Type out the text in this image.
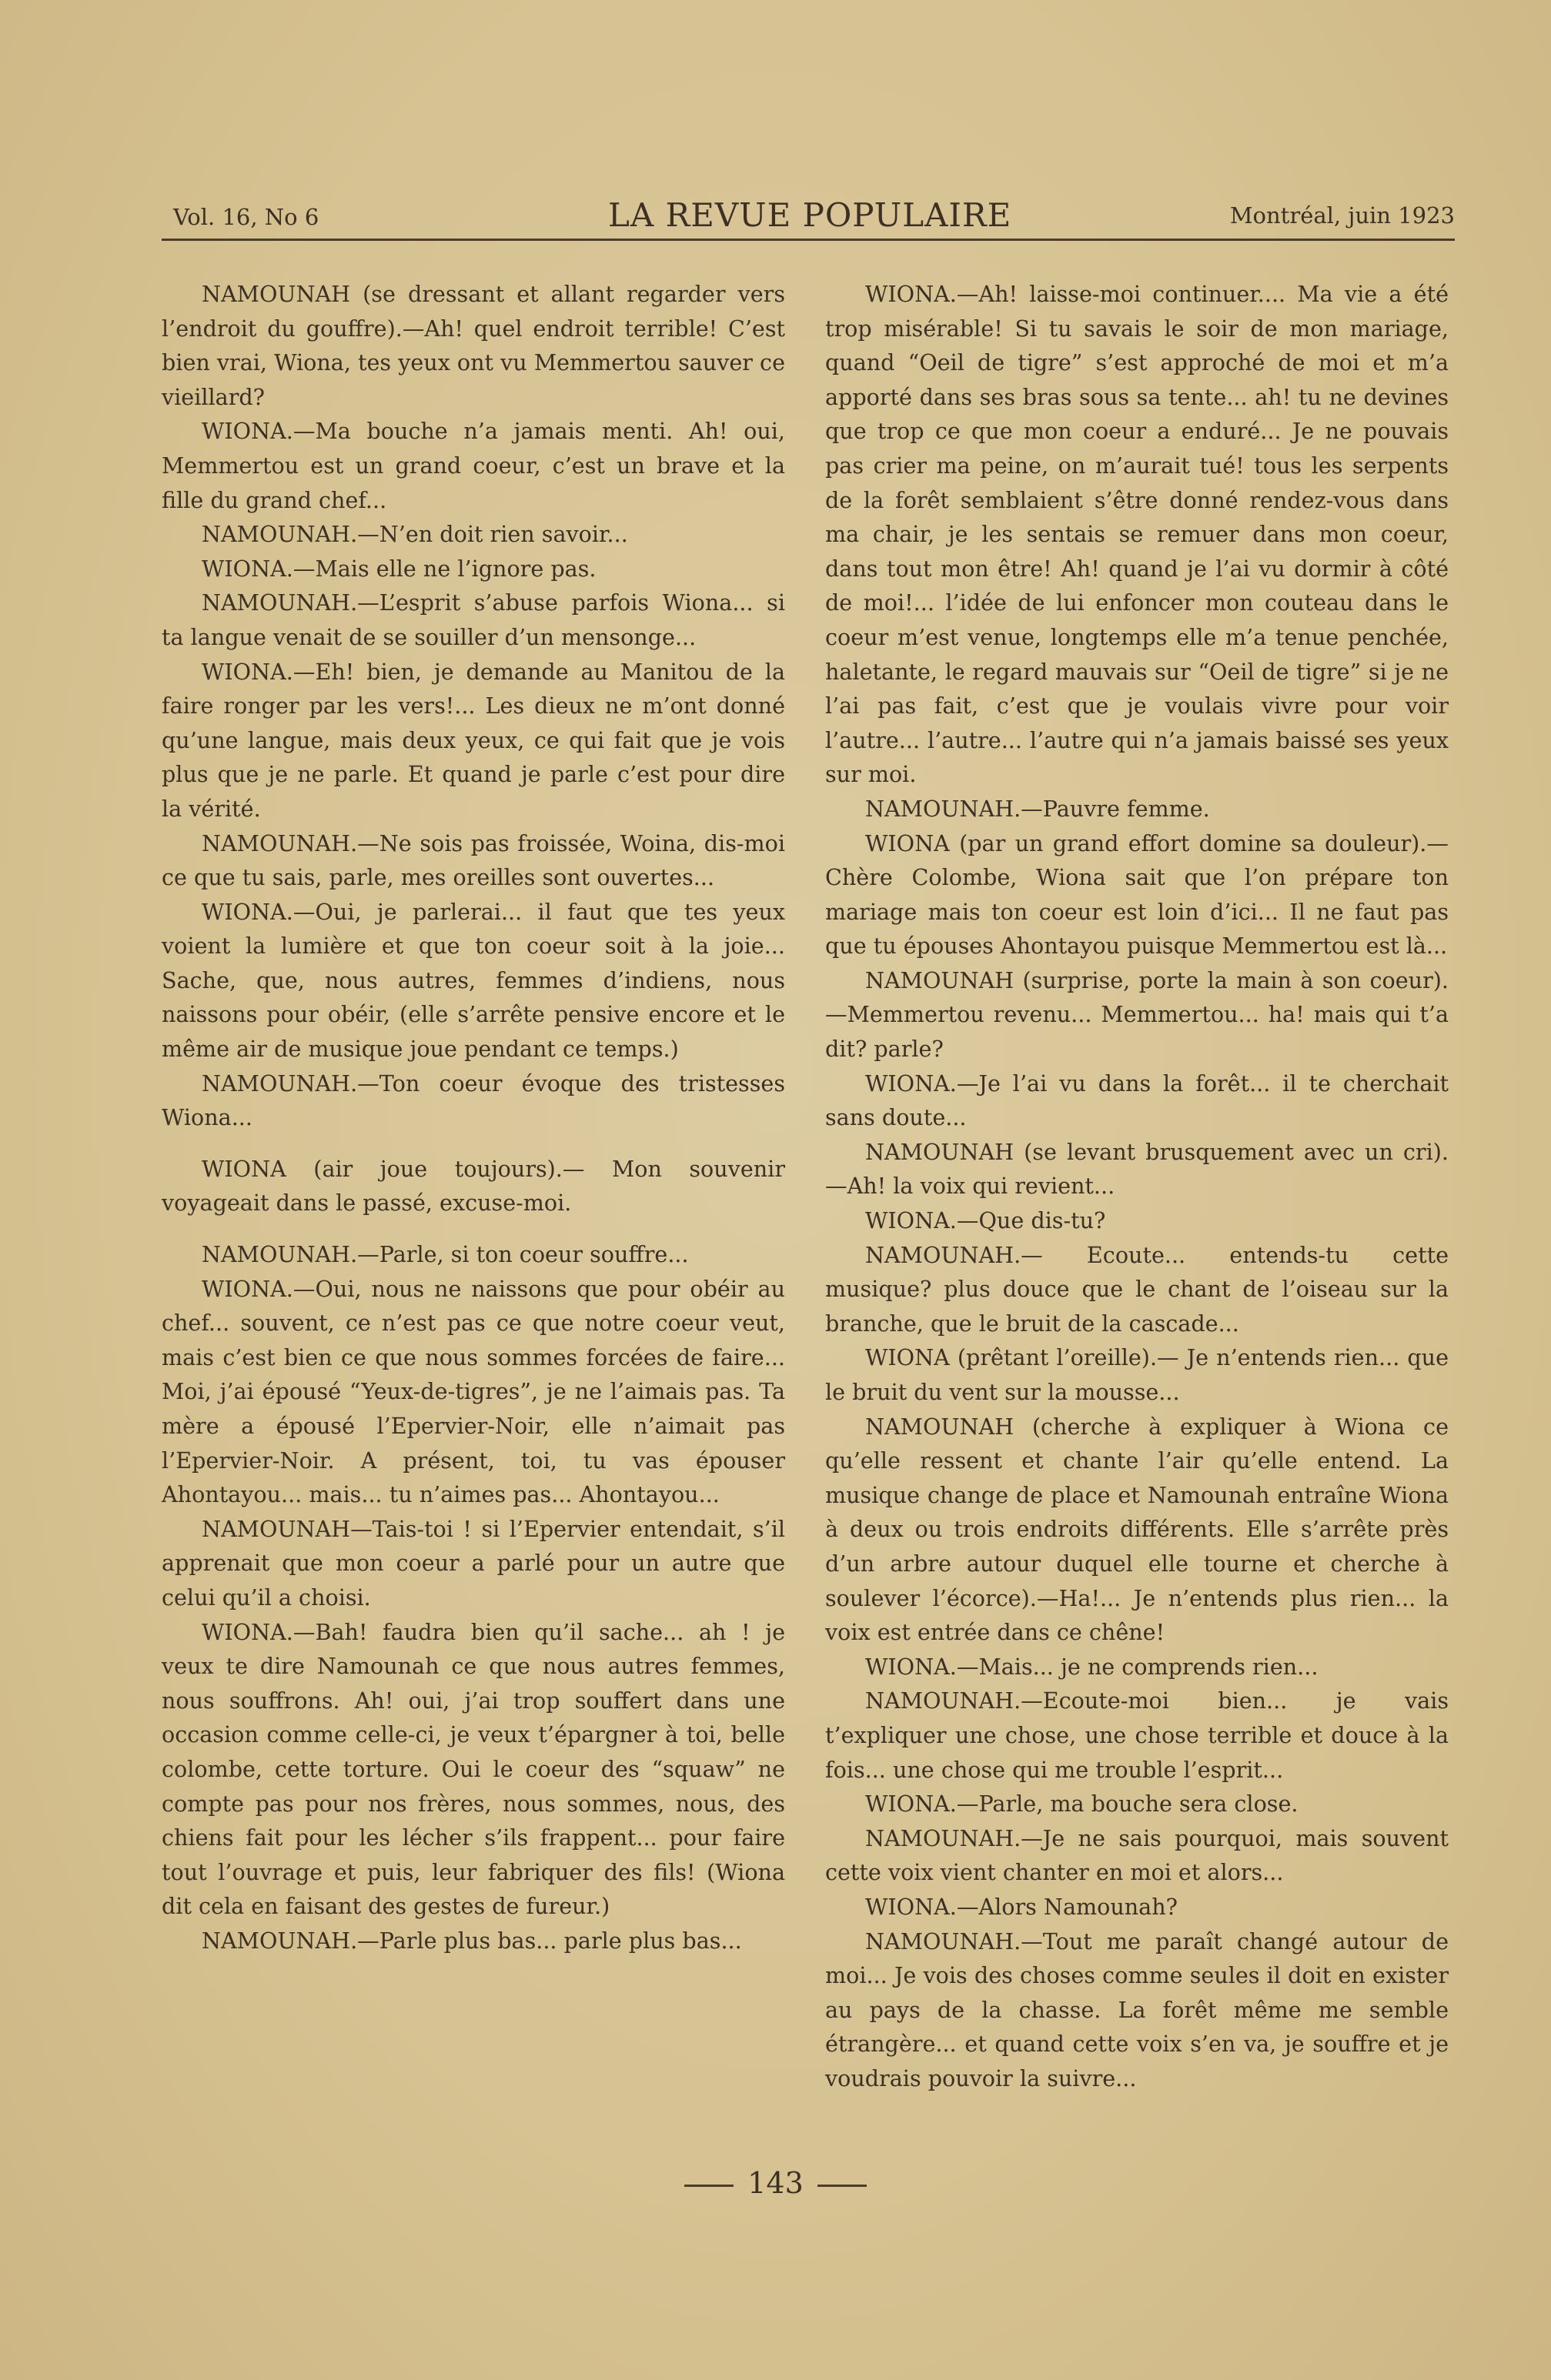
Vol. 16, No 6	LA REVUE POPULAIRE	Montréal, juin 1923

NAMOUNAH (se dressant et allant regarder vers l’endroit du gouffre).—Ah! quel endroit terrible! C’est bien vrai, Wiona, tes yeux ont vu Memmertou sauver ce vieillard?

WIONA.—Ma bouche n’a jamais menti. Ah! oui, Memmertou est un grand coeur, c’est un brave et la fille du grand chef...

NAMOUNAH.—N’en doit rien savoir...

WIONA.—Mais elle ne l’ignore pas.

NAMOUNAH.—L’esprit s’abuse parfois Wiona... si ta langue venait de se souiller d’un mensonge...

WIONA.—Eh! bien, je demande au Manitou de la faire ronger par les vers!... Les dieux ne m’ont donné qu’une langue, mais deux yeux, ce qui fait que je vois plus que je ne parle. Et quand je parle c’est pour dire la vérité.

NAMOUNAH.—Ne sois pas froissée, Woina, dis-moi ce que tu sais, parle, mes oreilles sont ouvertes...

WIONA.—Oui, je parlerai... il faut que tes yeux voient la lumière et que ton coeur soit à la joie... Sache, que, nous autres, femmes d’indiens, nous naissons pour obéir, (elle s’arrête pensive encore et le même air de musique joue pendant ce temps.)

NAMOUNAH.—Ton coeur évoque des tristesses Wiona...

WIONA (air joue toujours).— Mon souvenir voyageait dans le passé, excuse-moi.

NAMOUNAH.—Parle, si ton coeur souffre...

WIONA.—Oui, nous ne naissons que pour obéir au chef... souvent, ce n’est pas ce que notre coeur veut, mais c’est bien ce que nous sommes forcées de faire... Moi, j’ai épousé “Yeux-de-tigres”, je ne l’aimais pas. Ta mère a épousé l’Epervier-Noir, elle n’aimait pas l’Epervier-Noir. A présent, toi, tu vas épouser Ahontayou... mais... tu n’aimes pas... Ahontayou...

NAMOUNAH—Tais-toi ! si l’Epervier entendait, s’il apprenait que mon coeur a parlé pour un autre que celui qu’il a choisi.

WIONA.—Bah! faudra bien qu’il sache... ah ! je veux te dire Namounah ce que nous autres femmes, nous souffrons. Ah! oui, j’ai trop souffert dans une occasion comme celle-ci, je veux t’épargner à toi, belle colombe, cette torture. Oui le coeur des “squaw” ne compte pas pour nos frères, nous sommes, nous, des chiens fait pour les lécher s’ils frappent... pour faire tout l’ouvrage et puis, leur fabriquer des fils! (Wiona dit cela en faisant des gestes de fureur.)

NAMOUNAH.—Parle plus bas... parle plus bas...

WIONA.—Ah! laisse-moi continuer.... Ma vie a été trop misérable! Si tu savais le soir de mon mariage, quand “Oeil de tigre” s’est approché de moi et m’a apporté dans ses bras sous sa tente... ah! tu ne devines que trop ce que mon coeur a enduré... Je ne pouvais pas crier ma peine, on m’aurait tué! tous les serpents de la forêt semblaient s’être donné rendez-vous dans ma chair, je les sentais se remuer dans mon coeur, dans tout mon être! Ah! quand je l’ai vu dormir à côté de moi!... l’idée de lui enfoncer mon couteau dans le coeur m’est venue, longtemps elle m’a tenue penchée, haletante, le regard mauvais sur “Oeil de tigre” si je ne l’ai pas fait, c’est que je voulais vivre pour voir l’autre... l’autre... l’autre qui n’a jamais baissé ses yeux sur moi.

NAMOUNAH.—Pauvre femme.

WIONA (par un grand effort domine sa douleur).—Chère Colombe, Wiona sait que l’on prépare ton mariage mais ton coeur est loin d’ici... Il ne faut pas que tu épouses Ahontayou puisque Memmertou est là...

NAMOUNAH (surprise, porte la main à son coeur).—Memmertou revenu... Memmertou... ha! mais qui t’a dit? parle?

WIONA.—Je l’ai vu dans la forêt... il te cherchait sans doute...

NAMOUNAH (se levant brusquement avec un cri).—Ah! la voix qui revient...

WIONA.—Que dis-tu?

NAMOUNAH.— Ecoute... entends-tu cette musique? plus douce que le chant de l’oiseau sur la branche, que le bruit de la cascade...

WIONA (prêtant l’oreille).— Je n’entends rien... que le bruit du vent sur la mousse...

NAMOUNAH (cherche à expliquer à Wiona ce qu’elle ressent et chante l’air qu’elle entend. La musique change de place et Namounah entraîne Wiona à deux ou trois endroits différents. Elle s’arrête près d’un arbre autour duquel elle tourne et cherche à soulever l’écorce).—Ha!... Je n’entends plus rien... la voix est entrée dans ce chêne!

WIONA.—Mais... je ne comprends rien...

NAMOUNAH.—Ecoute-moi bien... je vais t’expliquer une chose, une chose terrible et douce à la fois... une chose qui me trouble l’esprit...

WIONA.—Parle, ma bouche sera close.

NAMOUNAH.—Je ne sais pourquoi, mais souvent cette voix vient chanter en moi et alors...

WIONA.—Alors Namounah?

NAMOUNAH.—Tout me paraît changé autour de moi... Je vois des choses comme seules il doit en exister au pays de la chasse. La forêt même me semble étrangère... et quand cette voix s’en va, je souffre et je voudrais pouvoir la suivre...

143
